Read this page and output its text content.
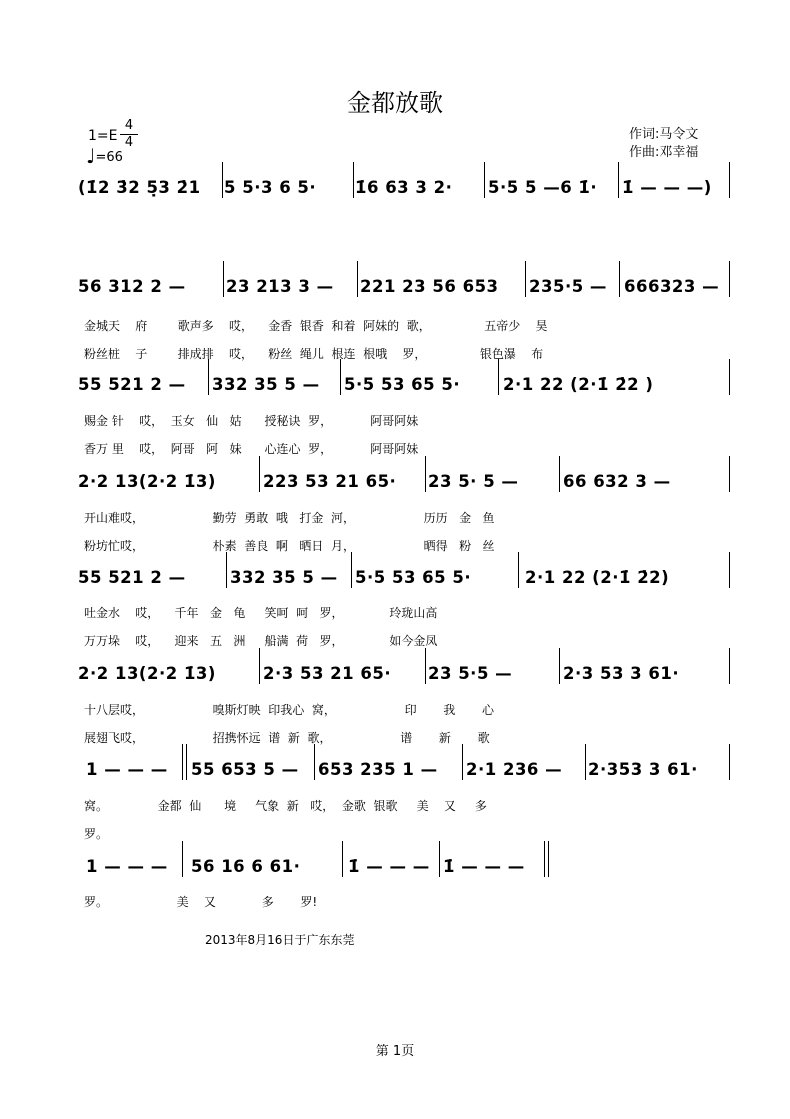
金都放歌
1=E
4
4
♩=66
作词:马令文
作曲:邓幸福
(1̇2 3̇2 5̣3 2̇1 5 5·3 6 5· 1̇6 63 3 2· 5·5 5 —6 1̇· 1̇ — — —)
56 312 2 — 23 213 3 — 221 23 56 653 235·5 — 666323 —
55 521 2 — 332 35 5 — 5·5 53 65 5·	2·1 22 (2·1̇ 2̇2 )
2·2 13(2·2 1̇3)	223 53 21 65· 23 5· 5 —	66 632 3 —
55 521 2 —	332 35 5 — 5·5 53 65 5·	2·1 22 (2·1̇ 2̇2)
2·2 13(2·2 1̇3)	2·3 53 21 65· 23 5·5 —	2·3 53 3 61·
1 — — — 55 653 5 — 653 235 1 — 2·1 236 — 2·353 3 61·
1 — — — 56 16 6 61·	1̇ — — — 1̇ — — —
金城天    府        歌声多    哎，    金香  银香  和着  阿妹的  歌，              五帝少    昊
粉丝桩    子        排成排    哎，    粉丝  绳儿  根连  根哦    罗，              银色瀑    布
赐金 针    哎，  玉女   仙   姑      授秘诀  罗，          阿哥阿妹
香万 里    哎，  阿哥   阿   妹      心连心  罗，          阿哥阿妹
开山难哎，                  勤劳  勇敢  哦   打金  河，                  历历   金   鱼
粉坊忙哎，                  朴素  善良  啊   晒日  月，                  晒得   粉   丝
吐金水    哎，    千年   金   龟     笑呵  呵   罗，            玲珑山高
万万垛    哎，    迎来   五   洲     船满  荷   罗，            如今金凤
十八层哎，                  嗅斯灯映  印我心  窝，                  印       我       心
展翅飞哎，                  招携怀远  谱  新  歌，                  谱       新       歌
窝。             金都  仙      境     气象  新   哎，  金歌  银歌     美    又     多
罗。
罗。                  美    又            多       罗!
2013年8月16日于广东东莞
第 1页
